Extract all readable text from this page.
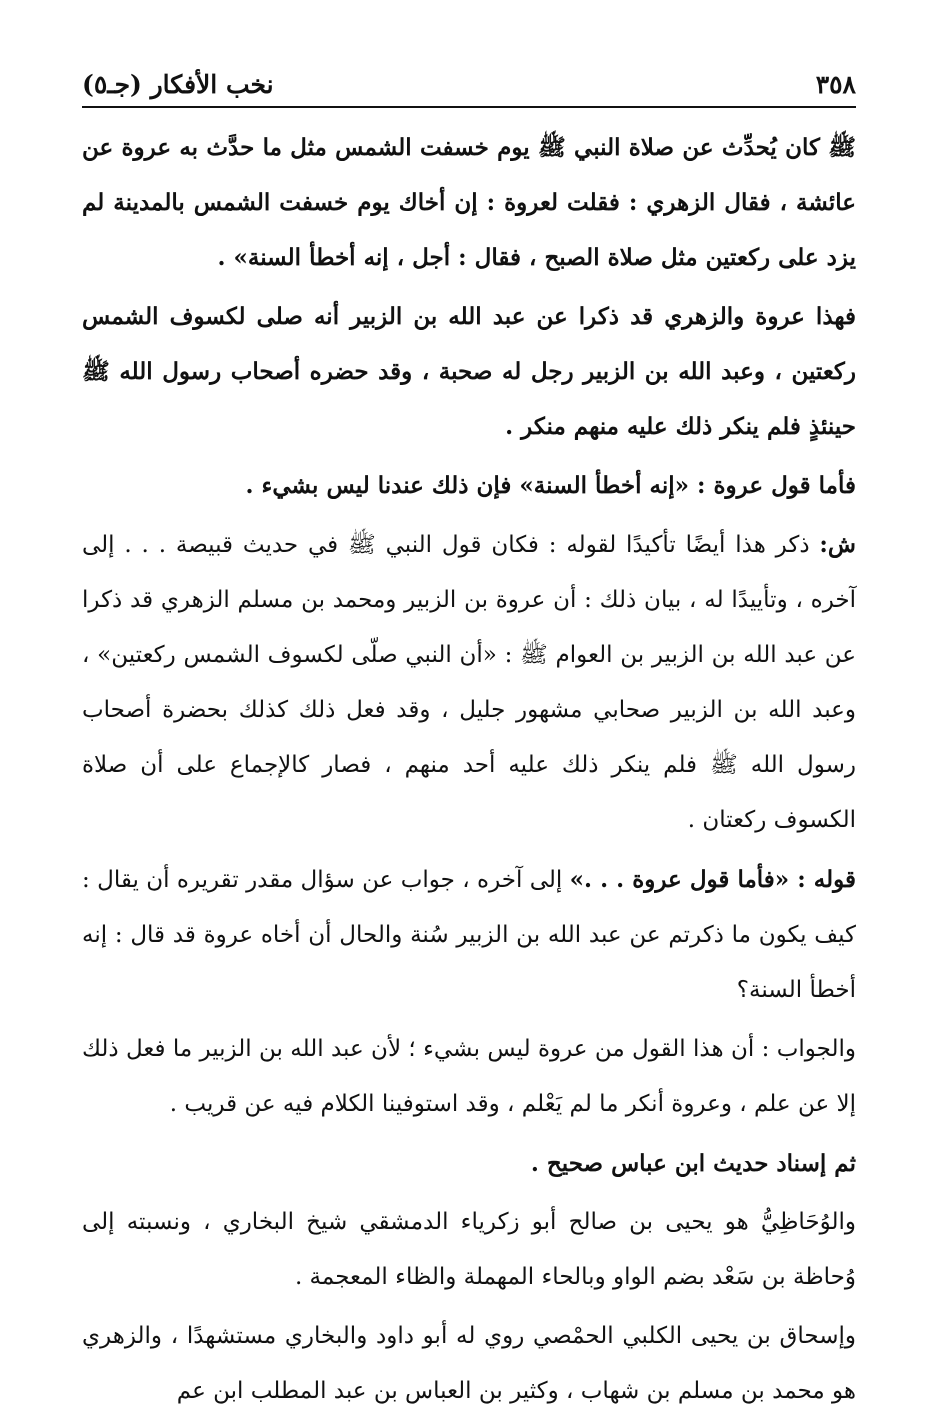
٣٥٨
نخب الأفكار (جـ٥)

ﷺ كان يُحدِّث عن صلاة النبي ﷺ يوم خسفت الشمس مثل ما حدَّث به عروة عن عائشة ، فقال الزهري : فقلت لعروة : إن أخاك يوم خسفت الشمس بالمدينة لم يزد على ركعتين مثل صلاة الصبح ، فقال : أجل ، إنه أخطأ السنة» .

فهذا عروة والزهري قد ذكرا عن عبد الله بن الزبير أنه صلى لكسوف الشمس ركعتين ، وعبد الله بن الزبير رجل له صحبة ، وقد حضره أصحاب رسول الله ﷺ حينئذٍ فلم ينكر ذلك عليه منهم منكر .

فأما قول عروة : «إنه أخطأ السنة» فإن ذلك عندنا ليس بشيء .

ش: ذكر هذا أيضًا تأكيدًا لقوله : فكان قول النبي ﷺ في حديث قبيصة . . . إلى آخره ، وتأييدًا له ، بيان ذلك : أن عروة بن الزبير ومحمد بن مسلم الزهري قد ذكرا عن عبد الله بن الزبير بن العوام ﷺ : «أن النبي صلّى لكسوف الشمس ركعتين» ، وعبد الله بن الزبير صحابي مشهور جليل ، وقد فعل ذلك كذلك بحضرة أصحاب رسول الله ﷺ فلم ينكر ذلك عليه أحد منهم ، فصار كالإجماع على أن صلاة الكسوف ركعتان .

قوله : «فأما قول عروة . . .» إلى آخره ، جواب عن سؤال مقدر تقريره أن يقال : كيف يكون ما ذكرتم عن عبد الله بن الزبير سُنة والحال أن أخاه عروة قد قال : إنه أخطأ السنة؟

والجواب : أن هذا القول من عروة ليس بشيء ؛ لأن عبد الله بن الزبير ما فعل ذلك إلا عن علم ، وعروة أنكر ما لم يَعْلم ، وقد استوفينا الكلام فيه عن قريب .

ثم إسناد حديث ابن عباس صحيح .

والوُحَاظِيُّ هو يحيى بن صالح أبو زكرياء الدمشقي شيخ البخاري ، ونسبته إلى وُحاظة بن سَعْد بضم الواو وبالحاء المهملة والظاء المعجمة .

وإسحاق بن يحيى الكلبي الحمْصي روي له أبو داود والبخاري مستشهدًا ، والزهري هو محمد بن مسلم بن شهاب ، وكثير بن العباس بن عبد المطلب ابن عم
